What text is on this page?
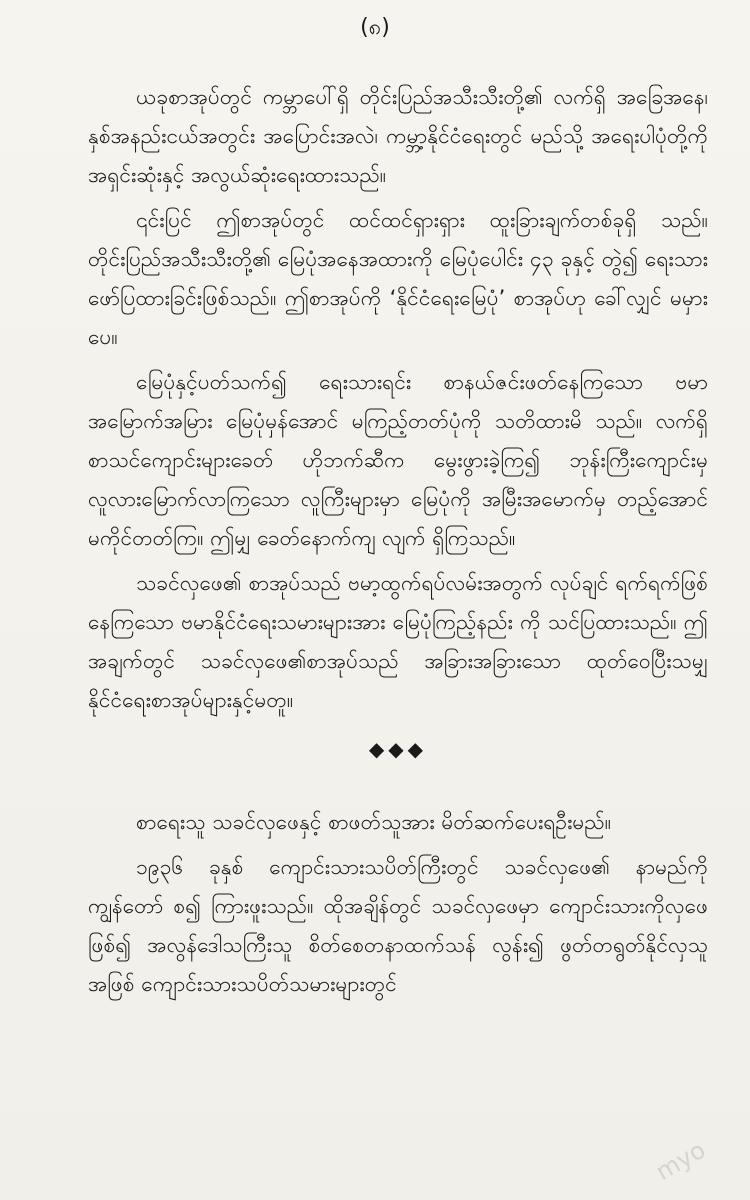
(၈)

ယခုစာအုပ်တွင် ကမ္ဘာပေါ်ရှိ တိုင်းပြည်အသီးသီးတို့၏ လက်ရှိ အခြေအနေ၊ နှစ်အနည်းငယ်အတွင်း အပြောင်းအလဲ၊ ကမ္ဘာ့နိုင်ငံရေးတွင် မည်သို့ အရေးပါပုံတို့ကို အရှင်းဆုံးနှင့် အလွယ်ဆုံးရေးထားသည်။

၎င်းပြင် ဤစာအုပ်တွင် ထင်ထင်ရှားရှား ထူးခြားချက်တစ်ခုရှိ သည်။ တိုင်းပြည်အသီးသီးတို့၏ မြေပုံအနေအထားကို မြေပုံပေါင်း ၄၃ ခုနှင့် တွဲ၍ ရေးသားဖော်ပြထားခြင်းဖြစ်သည်။ ဤစာအုပ်ကို ‘နိုင်ငံရေးမြေပုံ’ စာအုပ်ဟု ခေါ်လျှင် မမှားပေ။

မြေပုံနှင့်ပတ်သက်၍ ရေးသားရင်း စာနယ်ဇင်းဖတ်နေကြသော ဗမာအမြောက်အမြား မြေပုံမှန်အောင် မကြည့်တတ်ပုံကို သတိထားမိ သည်။ လက်ရှိစာသင်ကျောင်းများခေတ် ဟိုဘက်ဆီက မွေးဖွားခဲ့ကြ၍ ဘုန်းကြီးကျောင်းမှ လူလားမြောက်လာကြသော လူကြီးများမှာ မြေပုံကို အမြီးအမောက်မှ တည့်အောင် မကိုင်တတ်ကြ။ ဤမျှ ခေတ်နောက်ကျ လျက် ရှိကြသည်။

သခင်လှဖေ၏ စာအုပ်သည် ဗမာ့ထွက်ရပ်လမ်းအတွက် လုပ်ချင် ရက်ရက်ဖြစ်နေကြသော ဗမာနိုင်ငံရေးသမားများအား မြေပုံကြည့်နည်း ကို သင်ပြထားသည်။ ဤအချက်တွင် သခင်လှဖေ၏စာအုပ်သည် အခြားအခြားသော ထုတ်ဝေပြီးသမျှ နိုင်ငံရေးစာအုပ်များနှင့်မတူ။

◆◆◆

စာရေးသူ သခင်လှဖေနှင့် စာဖတ်သူအား မိတ်ဆက်ပေးရဦးမည်။

၁၉၃၆ ခုနှစ် ကျောင်းသားသပိတ်ကြီးတွင် သခင်လှဖေ၏ နာမည်ကို ကျွန်တော် စ၍ ကြားဖူးသည်။ ထိုအချိန်တွင် သခင်လှဖေမှာ ကျောင်းသားကိုလှဖေဖြစ်၍ အလွန်ဒေါသကြီးသူ စိတ်စေတနာထက်သန် လွန်း၍ ဖွတ်တရွတ်နိုင်လှသူအဖြစ် ကျောင်းသားသပိတ်သမားများတွင်

myo
